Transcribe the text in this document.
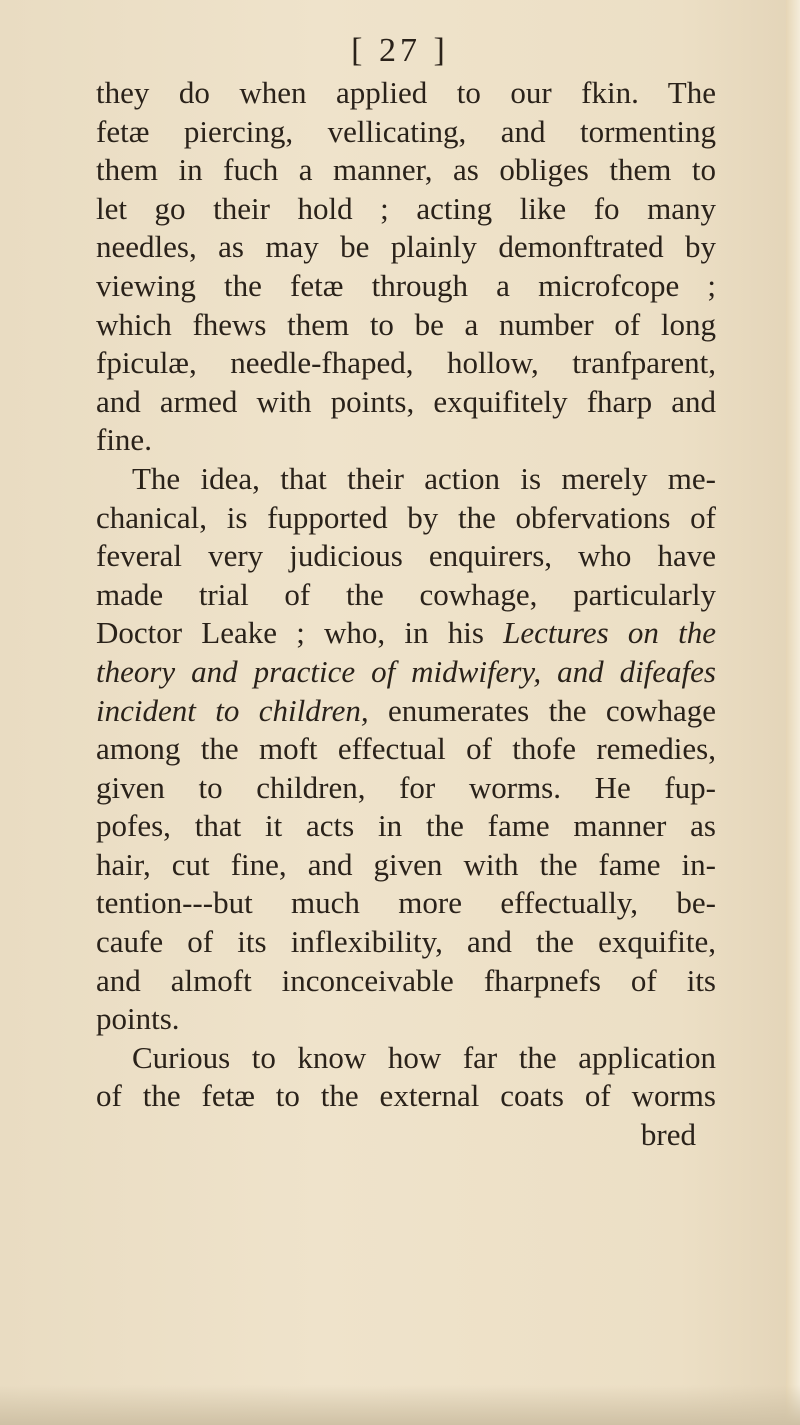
[ 27 ]
they do when applied to our fkin. The
fetæ piercing, vellicating, and tormenting
them in fuch a manner, as obliges them to
let go their hold ; acting like fo many
needles, as may be plainly demonftrated by
viewing the fetæ through a microfcope ;
which fhews them to be a number of long
fpiculæ, needle-fhaped, hollow, tranfparent,
and armed with points, exquifitely fharp and
fine.
The idea, that their action is merely me-
chanical, is fupported by the obfervations of
feveral very judicious enquirers, who have
made trial of the cowhage, particularly
Doctor Leake ; who, in his Lectures on the
theory and practice of midwifery, and difeafes
incident to children, enumerates the cowhage
among the moft effectual of thofe remedies,
given to children, for worms. He fup-
pofes, that it acts in the fame manner as
hair, cut fine, and given with the fame in-
tention---but much more effectually, be-
caufe of its inflexibility, and the exquifite,
and almoft inconceivable fharpnefs of its
points.
Curious to know how far the application
of the fetæ to the external coats of worms
bred
